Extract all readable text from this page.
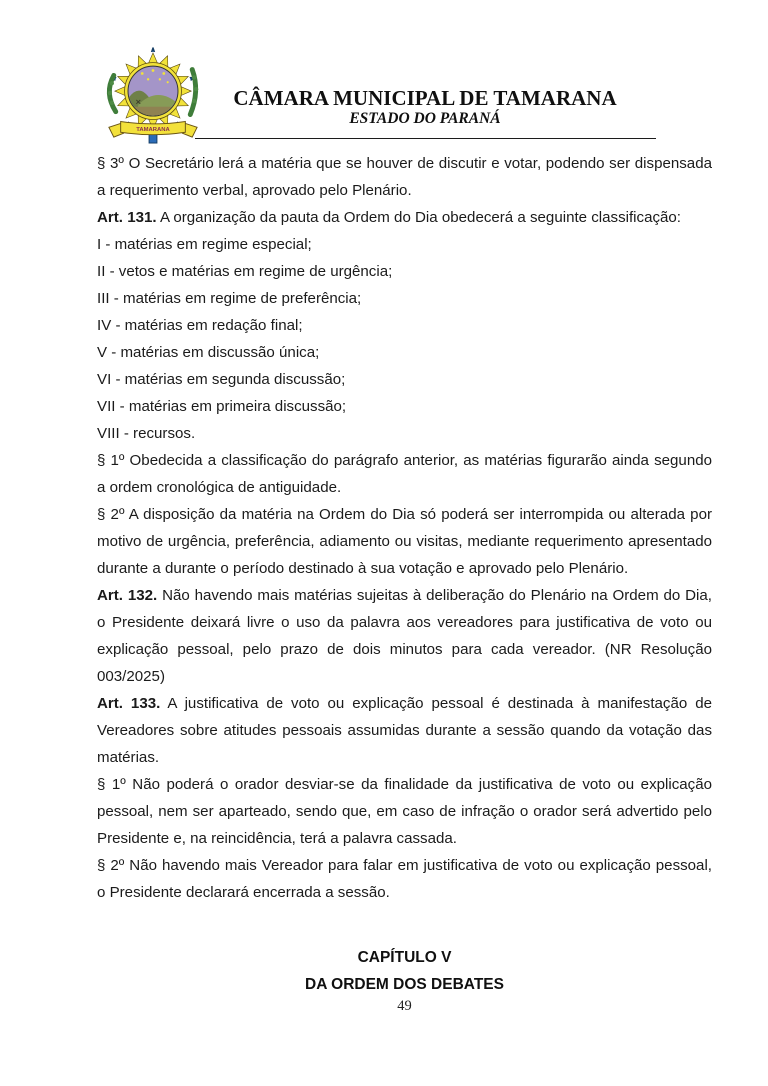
TAMARANA
CÂMARA MUNICIPAL DE TAMARANA
ESTADO DO PARANÁ

§ 3º O Secretário lerá a matéria que se houver de discutir e votar, podendo ser dispensada a requerimento verbal, aprovado pelo Plenário.

Art. 131. A organização da pauta da Ordem do Dia obedecerá a seguinte classificação:

I - matérias em regime especial;

II - vetos e matérias em regime de urgência;

III - matérias em regime de preferência;

IV - matérias em redação final;

V - matérias em discussão única;

VI - matérias em segunda discussão;

VII - matérias em primeira discussão;

VIII - recursos.

§ 1º Obedecida a classificação do parágrafo anterior, as matérias figurarão ainda segundo a ordem cronológica de antiguidade.

§ 2º A disposição da matéria na Ordem do Dia só poderá ser interrompida ou alterada por motivo de urgência, preferência, adiamento ou visitas, mediante requerimento apresentado durante a durante o período destinado à sua votação e aprovado pelo Plenário.

Art. 132. Não havendo mais matérias sujeitas à deliberação do Plenário na Ordem do Dia, o Presidente deixará livre o uso da palavra aos vereadores para justificativa de voto ou explicação pessoal, pelo prazo de dois minutos para cada vereador. (NR Resolução 003/2025)

Art. 133. A justificativa de voto ou explicação pessoal é destinada à manifestação de Vereadores sobre atitudes pessoais assumidas durante a sessão quando da votação das matérias.

§ 1º Não poderá o orador desviar-se da finalidade da justificativa de voto ou explicação pessoal, nem ser aparteado, sendo que, em caso de infração o orador será advertido pelo Presidente e, na reincidência, terá a palavra cassada.

§ 2º Não havendo mais Vereador para falar em justificativa de voto ou explicação pessoal, o Presidente declarará encerrada a sessão.

CAPÍTULO V
DA ORDEM DOS DEBATES
49
